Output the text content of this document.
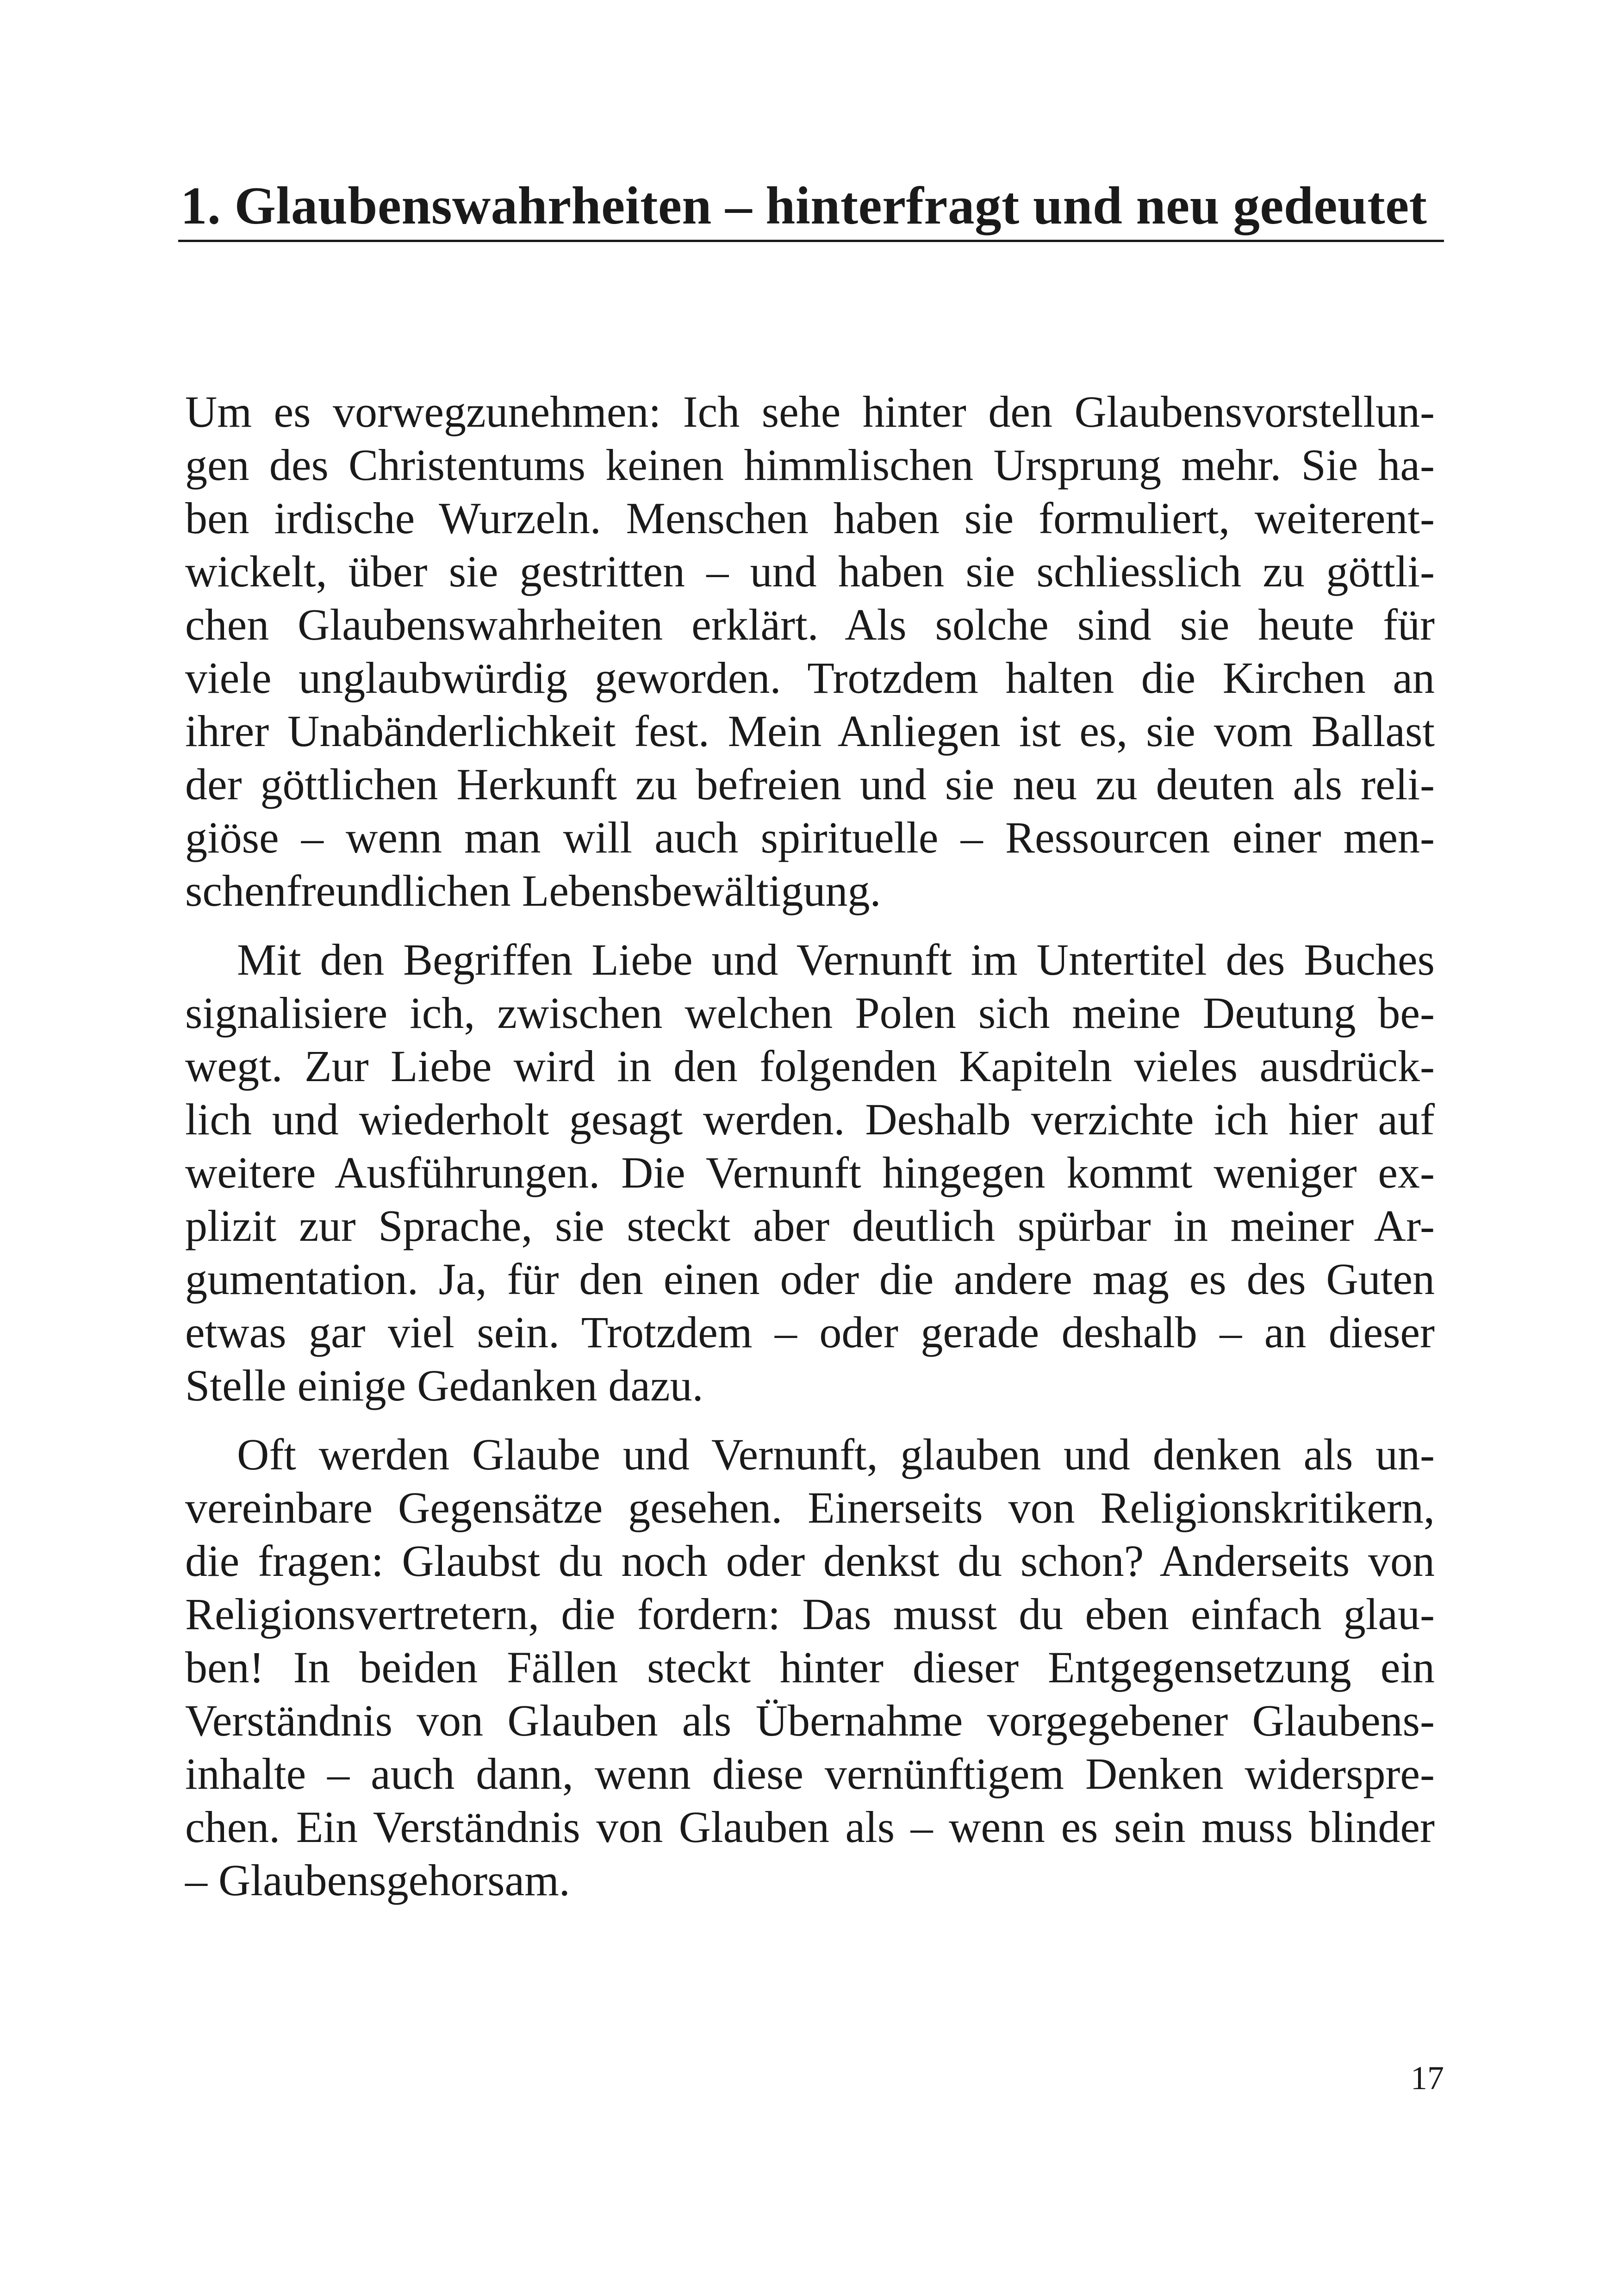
1. Glaubenswahrheiten – hinterfragt und neu gedeutet

Um es vorwegzunehmen: Ich sehe hinter den Glaubensvorstellun-
gen des Christentums keinen himmlischen Ursprung mehr. Sie ha-
ben irdische Wurzeln. Menschen haben sie formuliert, weiterent-
wickelt, über sie gestritten – und haben sie schliesslich zu göttli-
chen Glaubenswahrheiten erklärt. Als solche sind sie heute für
viele unglaubwürdig geworden. Trotzdem halten die Kirchen an
ihrer Unabänderlichkeit fest. Mein Anliegen ist es, sie vom Ballast
der göttlichen Herkunft zu befreien und sie neu zu deuten als reli-
giöse – wenn man will auch spirituelle – Ressourcen einer men-
schenfreundlichen Lebensbewältigung.

Mit den Begriffen Liebe und Vernunft im Untertitel des Buches
signalisiere ich, zwischen welchen Polen sich meine Deutung be-
wegt. Zur Liebe wird in den folgenden Kapiteln vieles ausdrück-
lich und wiederholt gesagt werden. Deshalb verzichte ich hier auf
weitere Ausführungen. Die Vernunft hingegen kommt weniger ex-
plizit zur Sprache, sie steckt aber deutlich spürbar in meiner Ar-
gumentation. Ja, für den einen oder die andere mag es des Guten
etwas gar viel sein. Trotzdem – oder gerade deshalb – an dieser
Stelle einige Gedanken dazu.

Oft werden Glaube und Vernunft, glauben und denken als un-
vereinbare Gegensätze gesehen. Einerseits von Religionskritikern,
die fragen: Glaubst du noch oder denkst du schon? Anderseits von
Religionsvertretern, die fordern: Das musst du eben einfach glau-
ben! In beiden Fällen steckt hinter dieser Entgegensetzung ein
Verständnis von Glauben als Übernahme vorgegebener Glaubens-
inhalte – auch dann, wenn diese vernünftigem Denken widerspre-
chen. Ein Verständnis von Glauben als – wenn es sein muss blinder
– Glaubensgehorsam.

17
